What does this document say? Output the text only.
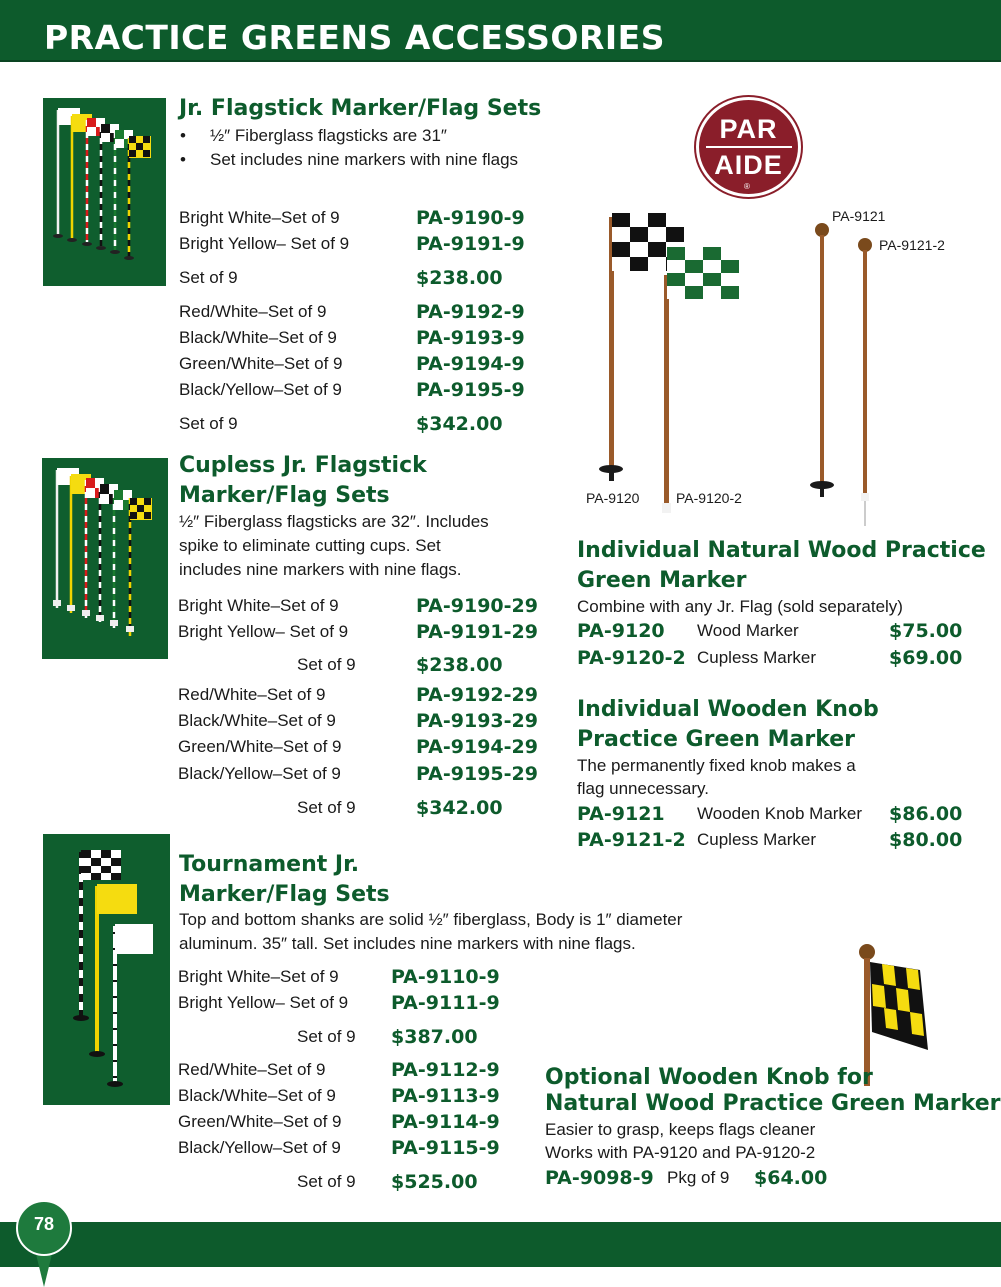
PRACTICE GREENS ACCESSORIES
Jr. Flagstick Marker/Flag Sets
• ½″ Fiberglass flagsticks are 31″
• Set includes nine markers with nine flags
Bright White–Set of 9	PA-9190-9
Bright Yellow– Set of 9	PA-9191-9
Set of 9	$238.00
Red/White–Set of 9	PA-9192-9
Black/White–Set of 9	PA-9193-9
Green/White–Set of 9	PA-9194-9
Black/Yellow–Set of 9	PA-9195-9
Set of 9	$342.00
Cupless Jr. Flagstick
Marker/Flag Sets
½″ Fiberglass flagsticks are 32″. Includes
spike to eliminate cutting cups. Set
includes nine markers with nine flags.
Bright White–Set of 9	PA-9190-29
Bright Yellow– Set of 9	PA-9191-29
Set of 9	$238.00
Red/White–Set of 9	PA-9192-29
Black/White–Set of 9	PA-9193-29
Green/White–Set of 9	PA-9194-29
Black/Yellow–Set of 9	PA-9195-29
Set of 9	$342.00
Tournament Jr.
Marker/Flag Sets
Top and bottom shanks are solid ½″ fiberglass, Body is 1″ diameter
aluminum. 35″ tall. Set includes nine markers with nine flags.
Bright White–Set of 9	PA-9110-9
Bright Yellow– Set of 9 PA-9111-9
Set of 9 $387.00
Red/White–Set of 9	PA-9112-9
Black/White–Set of 9	PA-9113-9
Green/White–Set of 9	PA-9114-9
Black/Yellow–Set of 9	PA-9115-9
Set of 9 $525.00
PAR
AIDE
®
PA-9121
PA-9121-2
PA-9120	PA-9120-2
Individual Natural Wood Practice
Green Marker
Combine with any Jr. Flag (sold separately)
PA-9120 Wood Marker	$75.00
PA-9120-2 Cupless Marker	$69.00
Individual Wooden Knob
Practice Green Marker
The permanently fixed knob makes a
flag unnecessary.
PA-9121 Wooden Knob Marker $86.00
PA-9121-2 Cupless Marker	$80.00
Optional Wooden Knob for
Natural Wood Practice Green Marker
Easier to grasp, keeps flags cleaner
Works with PA-9120 and PA-9120-2
PA-9098-9 Pkg of 9 $64.00
78
